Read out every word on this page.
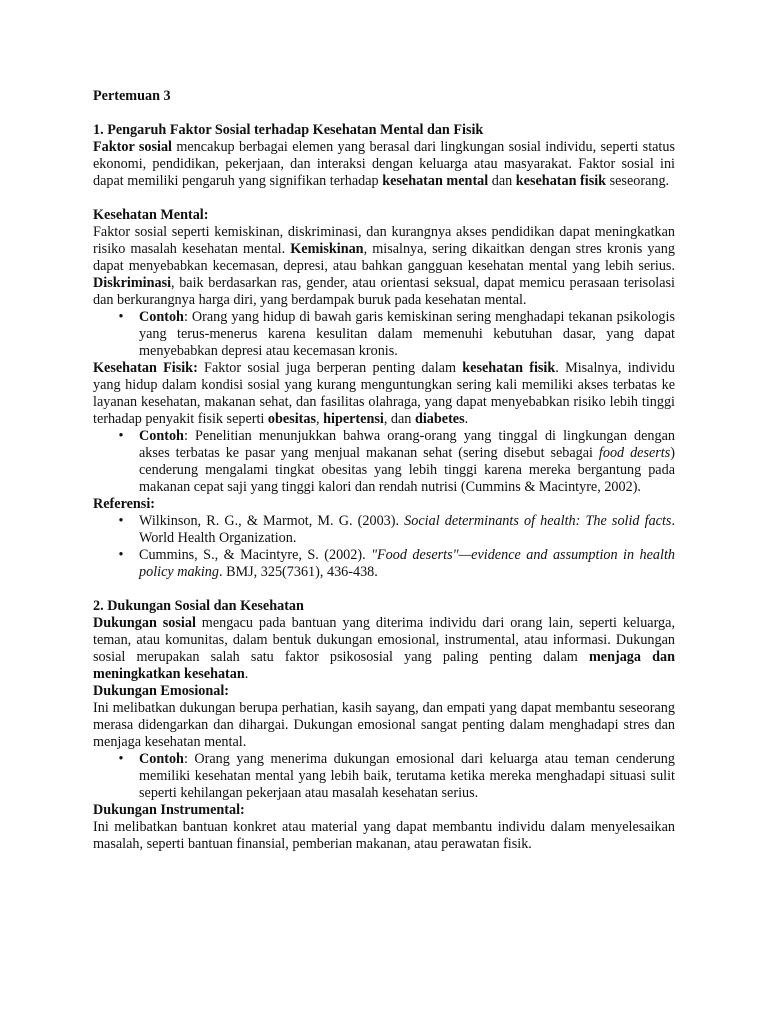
Pertemuan 3

1. Pengaruh Faktor Sosial terhadap Kesehatan Mental dan Fisik

Faktor sosial mencakup berbagai elemen yang berasal dari lingkungan sosial individu, seperti status ekonomi, pendidikan, pekerjaan, dan interaksi dengan keluarga atau masyarakat. Faktor sosial ini dapat memiliki pengaruh yang signifikan terhadap kesehatan mental dan kesehatan fisik seseorang.

Kesehatan Mental:

Faktor sosial seperti kemiskinan, diskriminasi, dan kurangnya akses pendidikan dapat meningkatkan risiko masalah kesehatan mental. Kemiskinan, misalnya, sering dikaitkan dengan stres kronis yang dapat menyebabkan kecemasan, depresi, atau bahkan gangguan kesehatan mental yang lebih serius. Diskriminasi, baik berdasarkan ras, gender, atau orientasi seksual, dapat memicu perasaan terisolasi dan berkurangnya harga diri, yang berdampak buruk pada kesehatan mental.

• Contoh: Orang yang hidup di bawah garis kemiskinan sering menghadapi tekanan psikologis yang terus-menerus karena kesulitan dalam memenuhi kebutuhan dasar, yang dapat menyebabkan depresi atau kecemasan kronis.

Kesehatan Fisik: Faktor sosial juga berperan penting dalam kesehatan fisik. Misalnya, individu yang hidup dalam kondisi sosial yang kurang menguntungkan sering kali memiliki akses terbatas ke layanan kesehatan, makanan sehat, dan fasilitas olahraga, yang dapat menyebabkan risiko lebih tinggi terhadap penyakit fisik seperti obesitas, hipertensi, dan diabetes.

• Contoh: Penelitian menunjukkan bahwa orang-orang yang tinggal di lingkungan dengan akses terbatas ke pasar yang menjual makanan sehat (sering disebut sebagai food deserts) cenderung mengalami tingkat obesitas yang lebih tinggi karena mereka bergantung pada makanan cepat saji yang tinggi kalori dan rendah nutrisi (Cummins & Macintyre, 2002).

Referensi:

• Wilkinson, R. G., & Marmot, M. G. (2003). Social determinants of health: The solid facts. World Health Organization.
• Cummins, S., & Macintyre, S. (2002). "Food deserts"—evidence and assumption in health policy making. BMJ, 325(7361), 436-438.

2. Dukungan Sosial dan Kesehatan

Dukungan sosial mengacu pada bantuan yang diterima individu dari orang lain, seperti keluarga, teman, atau komunitas, dalam bentuk dukungan emosional, instrumental, atau informasi. Dukungan sosial merupakan salah satu faktor psikososial yang paling penting dalam menjaga dan meningkatkan kesehatan.

Dukungan Emosional:

Ini melibatkan dukungan berupa perhatian, kasih sayang, dan empati yang dapat membantu seseorang merasa didengarkan dan dihargai. Dukungan emosional sangat penting dalam menghadapi stres dan menjaga kesehatan mental.

• Contoh: Orang yang menerima dukungan emosional dari keluarga atau teman cenderung memiliki kesehatan mental yang lebih baik, terutama ketika mereka menghadapi situasi sulit seperti kehilangan pekerjaan atau masalah kesehatan serius.

Dukungan Instrumental:

Ini melibatkan bantuan konkret atau material yang dapat membantu individu dalam menyelesaikan masalah, seperti bantuan finansial, pemberian makanan, atau perawatan fisik.
